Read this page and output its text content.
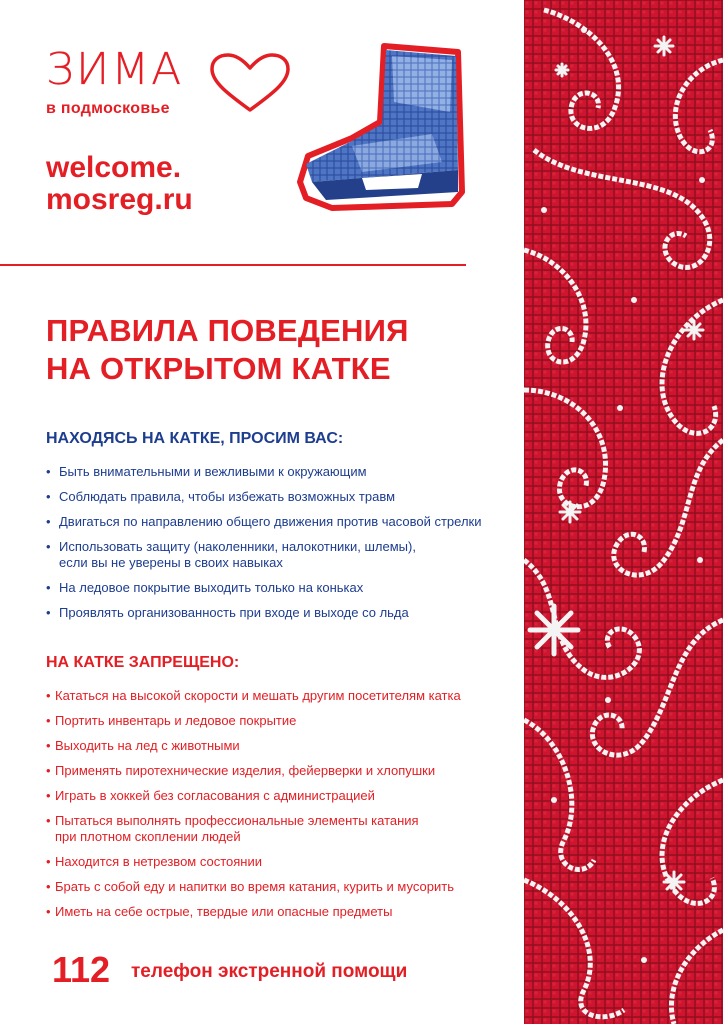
ЗИМА
в подмосковье
welcome.
mosreg.ru
ПРАВИЛА ПОВЕДЕНИЯ
НА ОТКРЫТОМ КАТКЕ
НАХОДЯСЬ НА КАТКЕ, ПРОСИМ ВАС:
• Быть внимательными и вежливыми к окружающим
• Соблюдать правила, чтобы избежать возможных травм
• Двигаться по направлению общего движения против часовой стрелки
• Использовать защиту (наколенники, налокотники, шлемы),
если вы не уверены в своих навыках
• На ледовое покрытие выходить только на коньках
• Проявлять организованность при входе и выходе со льда
НА КАТКЕ ЗАПРЕЩЕНО:
• Кататься на высокой скорости и мешать другим посетителям катка
• Портить инвентарь и ледовое покрытие
• Выходить на лед с животными
• Применять пиротехнические изделия, фейерверки и хлопушки
• Играть в хоккей без согласования с администрацией
• Пытаться выполнять профессиональные элементы катания
при плотном скоплении людей
• Находится в нетрезвом состоянии
• Брать с собой еду и напитки во время катания, курить и мусорить
• Иметь на себе острые, твердые или опасные предметы
112 телефон экстренной помощи
